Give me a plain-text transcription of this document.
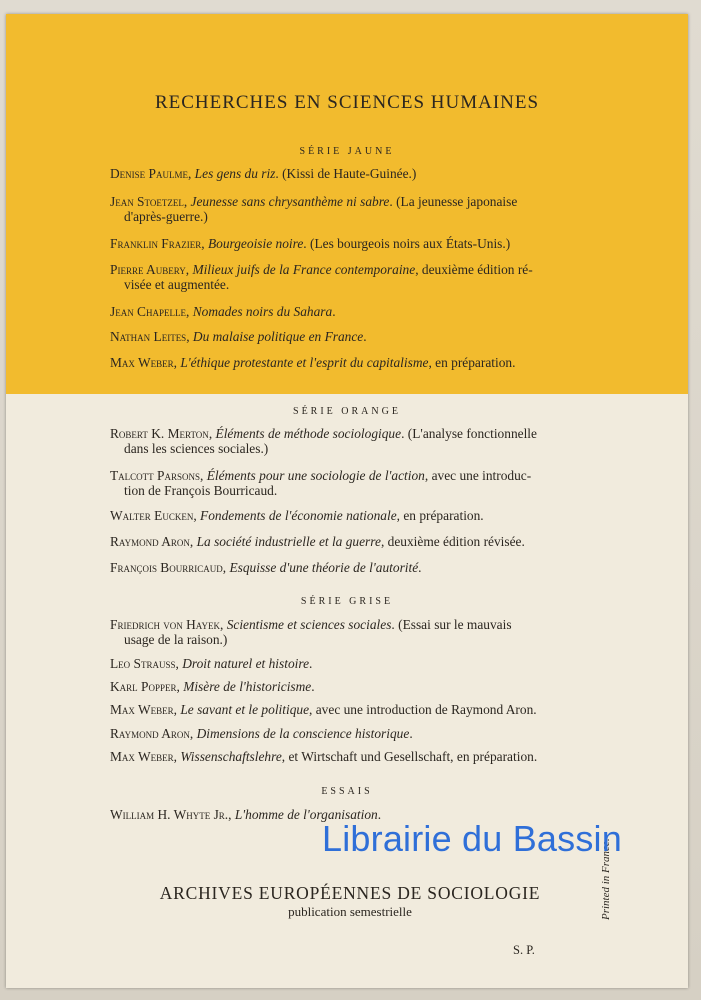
RECHERCHES EN SCIENCES HUMAINES
SÉRIE JAUNE
Denise Paulme, Les gens du riz. (Kissi de Haute-Guinée.)
Jean Stoetzel, Jeunesse sans chrysanthème ni sabre. (La jeunesse japonaise
d'après-guerre.)
Franklin Frazier, Bourgeoisie noire. (Les bourgeois noirs aux États-Unis.)
Pierre Aubery, Milieux juifs de la France contemporaine, deuxième édition ré-
visée et augmentée.
Jean Chapelle, Nomades noirs du Sahara.
Nathan Leites, Du malaise politique en France.
Max Weber, L'éthique protestante et l'esprit du capitalisme, en préparation.
SÉRIE ORANGE
Robert K. Merton, Éléments de méthode sociologique. (L'analyse fonctionnelle
dans les sciences sociales.)
Talcott Parsons, Éléments pour une sociologie de l'action, avec une introduc-
tion de François Bourricaud.
Walter Eucken, Fondements de l'économie nationale, en préparation.
Raymond Aron, La société industrielle et la guerre, deuxième édition révisée.
François Bourricaud, Esquisse d'une théorie de l'autorité.
SÉRIE GRISE
Friedrich von Hayek, Scientisme et sciences sociales. (Essai sur le mauvais
usage de la raison.)
Leo Strauss, Droit naturel et histoire.
Karl Popper, Misère de l'historicisme.
Max Weber, Le savant et le politique, avec une introduction de Raymond Aron.
Raymond Aron, Dimensions de la conscience historique.
Max Weber, Wissenschaftslehre, et Wirtschaft und Gesellschaft, en préparation.
ESSAIS
William H. Whyte Jr., L'homme de l'organisation.
Printed in France.
ARCHIVES EUROPÉENNES DE SOCIOLOGIE
publication semestrielle
S. P.
Librairie du Bassin
